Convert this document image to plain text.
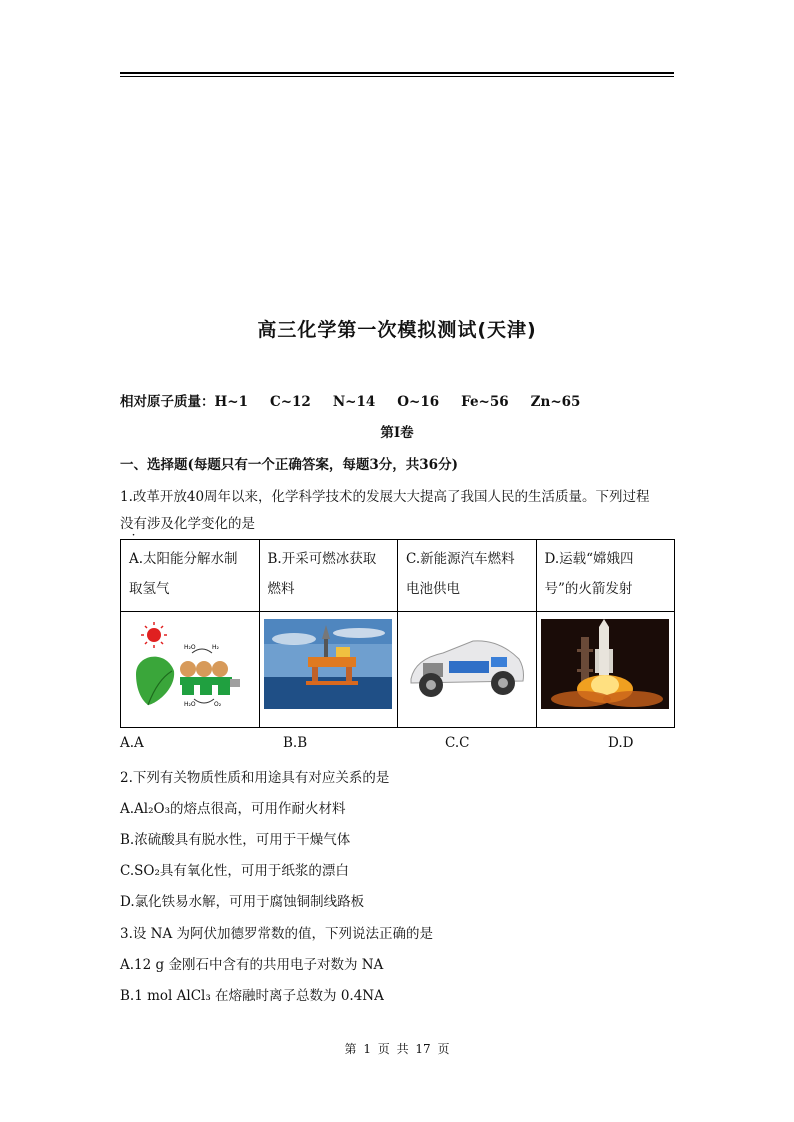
高三化学第一次模拟测试(天津)
相对原子质量：H~1 C~12 N~14 O~16 Fe~56 Zn~65
第Ⅰ卷
一、选择题(每题只有一个正确答案，每题3分，共36分)
1.改革开放40周年以来，化学科学技术的发展大大提高了我国人民的生活质量。下列过程
没有涉及化学变化的是
A.太阳能分解水制取氢气	B.开采可燃冰获取燃料	C.新能源汽车燃料电池供电	D.运载“嫦娥四号”的火箭发射

H₂O H₂
H₂O O₂

A.A	B.B	C.C	D.D
2.下列有关物质性质和用途具有对应关系的是
A.Al₂O₃的熔点很高，可用作耐火材料
B.浓硫酸具有脱水性，可用于干燥气体
C.SO₂具有氧化性，可用于纸浆的漂白
D.氯化铁易水解，可用于腐蚀铜制线路板
3.设 NA 为阿伏加德罗常数的值，下列说法正确的是
A.12 g 金刚石中含有的共用电子对数为 NA
B.1 mol AlCl₃ 在熔融时离子总数为 0.4NA
第 1 页 共 17 页
